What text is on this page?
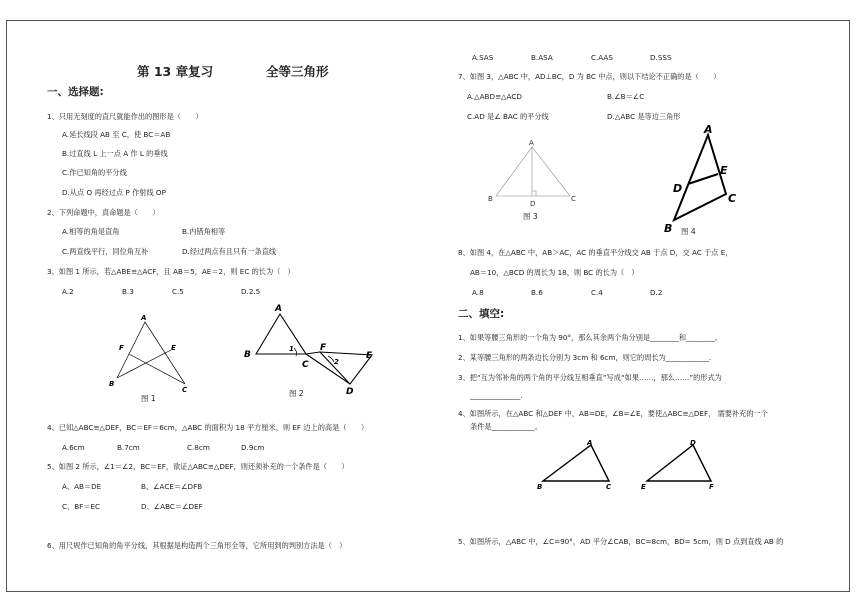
第 13 章复习	全等三角形
一、选择题:
1、只用无刻度的直尺就能作出的图形是（　　）
A.延长线段 AB 至 C，使 BC＝AB
B.过直线 L 上一点 A 作 L 的垂线
C.作已知角的平分线
D.从点 O 再经过点 P 作射线 OP
2、下列命题中，真命题是（　　）
A.相等的角是直角	B.内错角相等
C.两直线平行，同位角互补	D.经过两点有且只有一条直线
3、如图 1 所示，若△ABE≌△ACF，且 AB＝5，AE＝2，则 EC 的长为（　）
A.2	B.3	C.5	D.2.5
A
F	E
B
C
图 1
A
B
1
C
F
2
E
D
图 2
4、已知△ABC≌△DEF，BC＝EF＝6cm，△ABC 的面积为 18 平方厘米，则 EF 边上的高是（　　）
A.6cm	B.7cm	C.8cm	D.9cm
5、如图 2 所示，∠1＝∠2，BC＝EF，欲证△ABC≌△DEF，则还须补充的一个条件是（　　）
A、AB＝DE	B、∠ACE＝∠DFB
C、BF＝EC	D、∠ABC＝∠DEF
6、用尺规作已知角的角平分线，其根据是构造两个三角形全等，它所用到的判别方法是（　）
A.SAS	B.ASA	C.AAS	D.SSS
7、如图 3，△ABC 中，AD⊥BC，D 为 BC 中点，则以下结论不正确的是（　　）
A.△ABD≌△ACD	B.∠B＝∠C
C.AD 是∠ BAC 的平分线	D.△ABC 是等边三角形
A
B
D
C
图 3
A
E
D
C
B 图 4
8、如图 4，在△ABC 中，AB＞AC，AC 的垂直平分线交 AB 于点 D，交 AC 于点 E，
AB＝10，△BCD 的周长为 18，则 BC 的长为（　）
A.8	B.6	C.4	D.2
二、填空:
1、如果等腰三角形的一个角为 90°，那么其余两个角分别是________和________。
2、某等腰三角形的两条边长分别为 3cm 和 6cm，则它的周长为____________.
3、把“互为邻补角的两个角的平分线互相垂直”写成“如果……，那么……”的形式为
______________.
4、如图所示，在△ABC 和△DEF 中，AB=DE，∠B=∠E，要使△ABC≌△DEF， 需要补充的一个
条件是____________。
A
B	C
D
E	F
5、如图所示，△ABC 中，∠C=90°，AD 平分∠CAB，BC=8cm，BD= 5cm，则 D 点到直线 AB 的
